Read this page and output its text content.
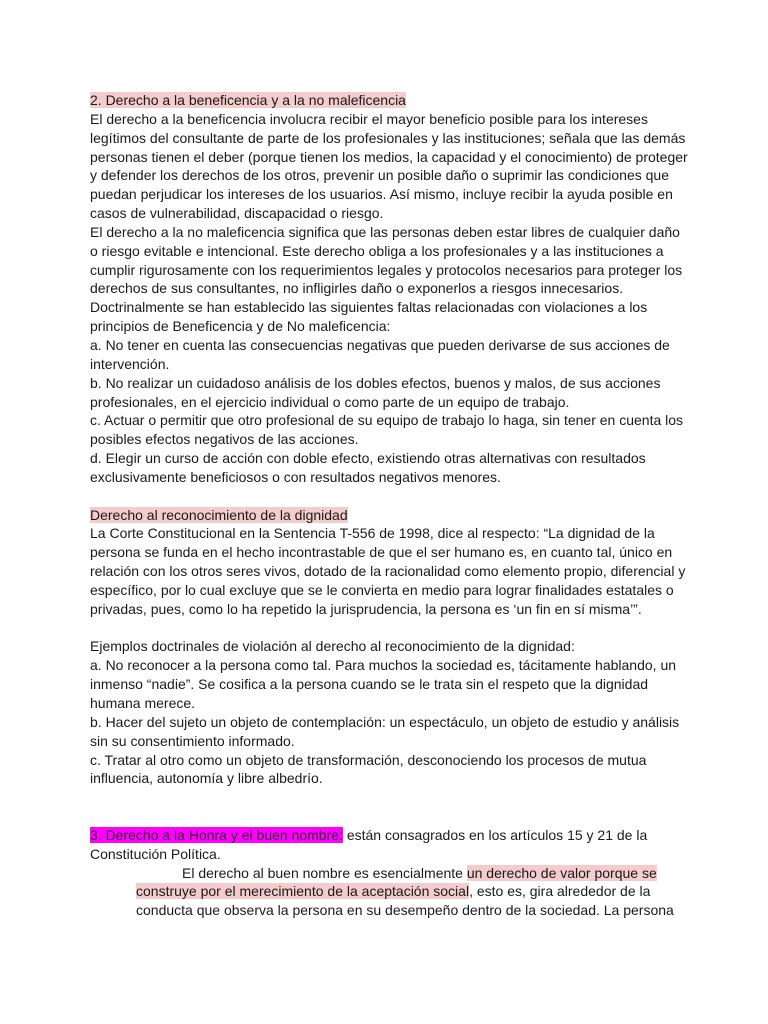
2. Derecho a la beneficencia y a la no maleficencia

El derecho a la beneficencia involucra recibir el mayor beneficio posible para los intereses legítimos del consultante de parte de los profesionales y las instituciones; señala que las demás personas tienen el deber (porque tienen los medios, la capacidad y el conocimiento) de proteger y defender los derechos de los otros, prevenir un posible daño o suprimir las condiciones que puedan perjudicar los intereses de los usuarios. Así mismo, incluye recibir la ayuda posible en casos de vulnerabilidad, discapacidad o riesgo.

El derecho a la no maleficencia significa que las personas deben estar libres de cualquier daño o riesgo evitable e intencional. Este derecho obliga a los profesionales y a las instituciones a cumplir rigurosamente con los requerimientos legales y protocolos necesarios para proteger los derechos de sus consultantes, no infligirles daño o exponerlos a riesgos innecesarios.

Doctrinalmente se han establecido las siguientes faltas relacionadas con violaciones a los principios de Beneficencia y de No maleficencia:

a. No tener en cuenta las consecuencias negativas que pueden derivarse de sus acciones de intervención.

b. No realizar un cuidadoso análisis de los dobles efectos, buenos y malos, de sus acciones profesionales, en el ejercicio individual o como parte de un equipo de trabajo.

c. Actuar o permitir que otro profesional de su equipo de trabajo lo haga, sin tener en cuenta los posibles efectos negativos de las acciones.

d. Elegir un curso de acción con doble efecto, existiendo otras alternativas con resultados exclusivamente beneficiosos o con resultados negativos menores.

Derecho al reconocimiento de la dignidad

La Corte Constitucional en la Sentencia T-556 de 1998, dice al respecto: “La dignidad de la persona se funda en el hecho incontrastable de que el ser humano es, en cuanto tal, único en relación con los otros seres vivos, dotado de la racionalidad como elemento propio, diferencial y específico, por lo cual excluye que se le convierta en medio para lograr finalidades estatales o privadas, pues, como lo ha repetido la jurisprudencia, la persona es ‘un fin en sí misma’”.

Ejemplos doctrinales de violación al derecho al reconocimiento de la dignidad:

a. No reconocer a la persona como tal. Para muchos la sociedad es, tácitamente hablando, un inmenso “nadie”. Se cosifica a la persona cuando se le trata sin el respeto que la dignidad humana merece.

b. Hacer del sujeto un objeto de contemplación: un espectáculo, un objeto de estudio y análisis sin su consentimiento informado.

c. Tratar al otro como un objeto de transformación, desconociendo los procesos de mutua influencia, autonomía y libre albedrío.

3. Derecho a la Honra y el buen nombre: están consagrados en los artículos 15 y 21 de la Constitución Política.

El derecho al buen nombre es esencialmente un derecho de valor porque se construye por el merecimiento de la aceptación social, esto es, gira alrededor de la conducta que observa la persona en su desempeño dentro de la sociedad. La persona
